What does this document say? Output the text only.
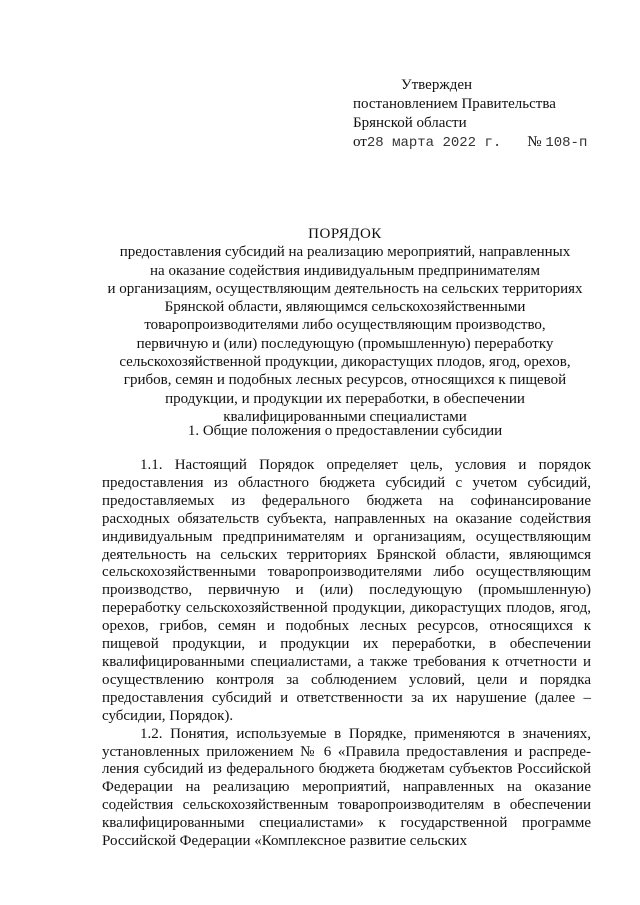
Утвержден
постановлением Правительства
Брянской области
от28 марта 2022 г. № 108-п
ПОРЯДОК
предоставления субсидий на реализацию мероприятий, направленных
на оказание содействия индивидуальным предпринимателям
и организациям, осуществляющим деятельность на сельских территориях
Брянской области, являющимся сельскохозяйственными
товаропроизводителями либо осуществляющим производство,
первичную и (или) последующую (промышленную) переработку
сельскохозяйственной продукции, дикорастущих плодов, ягод, орехов,
грибов, семян и подобных лесных ресурсов, относящихся к пищевой
продукции, и продукции их переработки, в обеспечении
квалифицированными специалистами
1. Общие положения о предоставлении субсидии

1.1. Настоящий Порядок определяет цель, условия и порядок предоставления из областного бюджета субсидий с учетом субсидий, предоставляемых из федерального бюджета на софинансирование расходных обязательств субъекта, направленных на оказание содействия индивидуальным предпринимателям и организациям, осуществляющим деятельность на сельских территориях Брянской области, являющимся сельскохозяйственными товаропроизводителями либо осуществляющим производство, первичную и (или) последующую (промышленную) переработку сельскохозяйственной продукции, дикорастущих плодов, ягод, орехов, грибов, семян и подобных лесных ресурсов, относящихся к пищевой продукции, и продукции их переработки, в обеспечении квалифицированными специалистами, а также требования к отчетности и осуществлению контроля за соблюдением условий, цели и порядка предоставления субсидий и ответственности за их нарушение (далее – субсидии, Порядок).

1.2. Понятия, используемые в Порядке, применяются в значениях, установленных приложением № 6 «Правила предоставления и распреде-ления субсидий из федерального бюджета бюджетам субъектов Российской Федерации на реализацию мероприятий, направленных на оказание содействия сельскохозяйственным товаропроизводителям в обеспечении квалифицированными специалистами» к государственной программе Российской Федерации «Комплексное развитие сельских
